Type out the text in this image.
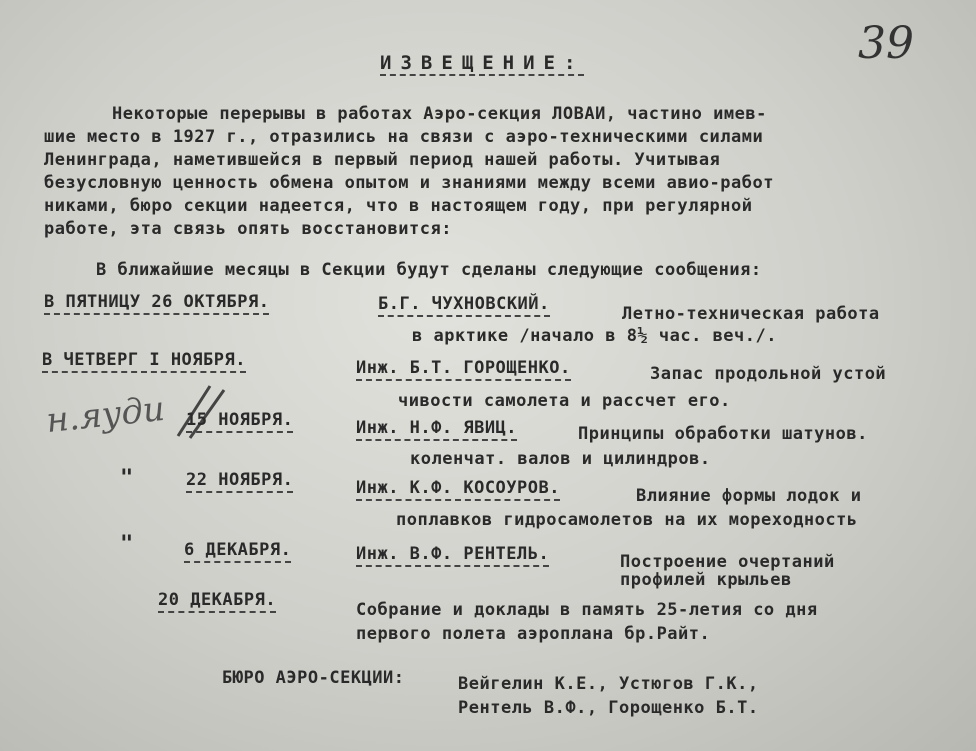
39
ИЗВЕЩЕНИЕ:
Некоторые перерывы в работах Аэро-секция ЛОВАИ, частино имев-
шие место в 1927 г., отразились на связи с аэро-техническими силами
Ленинграда, наметившейся в первый период нашей работы. Учитывая
безусловную ценность обмена опытом и знаниями между всеми авио-работ
никами, бюро секции надеется, что в настоящем году, при регулярной
работе, эта связь опять восстановится:
В ближайшие месяцы в Секции будут сделаны следующие сообщения:
В ПЯТНИЦУ 26 ОКТЯБРЯ.	Б.Г. ЧУХНОВСКИЙ.	Летно-техническая работа
в арктике /начало в 8½ час. веч./.
В ЧЕТВЕРГ I НОЯБРЯ.	Инж. Б.Т. ГОРОЩЕНКО.	Запас продольной устой
чивости самолета и рассчет его.
н.яуди 15 НОЯБРЯ.	Инж. Н.Ф. ЯВИЦ.	Принципы обработки шатунов.
коленчат. валов и цилиндров.
"	22 НОЯБРЯ.	Инж. К.Ф. КОСОУРОВ.	Влияние формы лодок и
поплавков гидросамолетов на их мореходность
"	6 ДЕКАБРЯ.	Инж. В.Ф. РЕНТЕЛЬ.	Построение очертаний
профилей крыльев
20 ДЕКАБРЯ.	Собрание и доклады в память 25-летия со дня
первого полета аэроплана бр.Райт.
БЮРО АЭРО-СЕКЦИИ:	Вейгелин К.Е., Устюгов Г.К.,
Рентель В.Ф., Горощенко Б.Т.
